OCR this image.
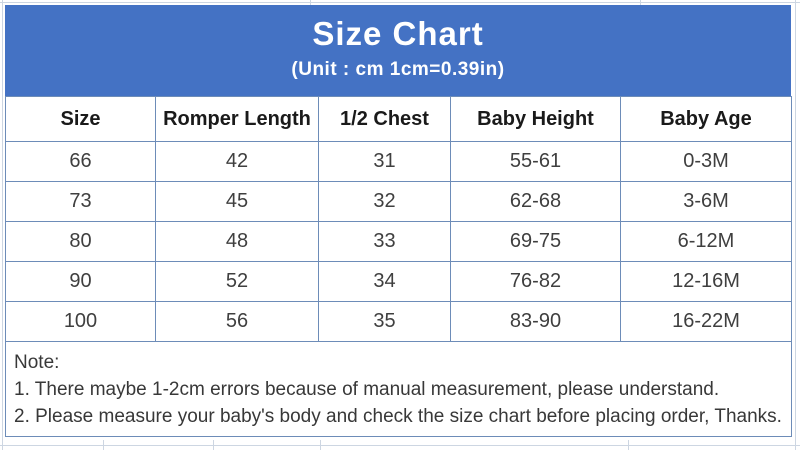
Size Chart
(Unit : cm 1cm=0.39in)
Size	Romper Length	1/2 Chest	Baby Height	Baby Age
66	42	31	55-61	0-3M
73	45	32	62-68	3-6M
80	48	33	69-75	6-12M
90	52	34	76-82	12-16M
100	56	35	83-90	16-22M

Note:
1. There maybe 1-2cm errors because of manual measurement, please understand.
2. Please measure your baby's body and check the size chart before placing order, Thanks.				
